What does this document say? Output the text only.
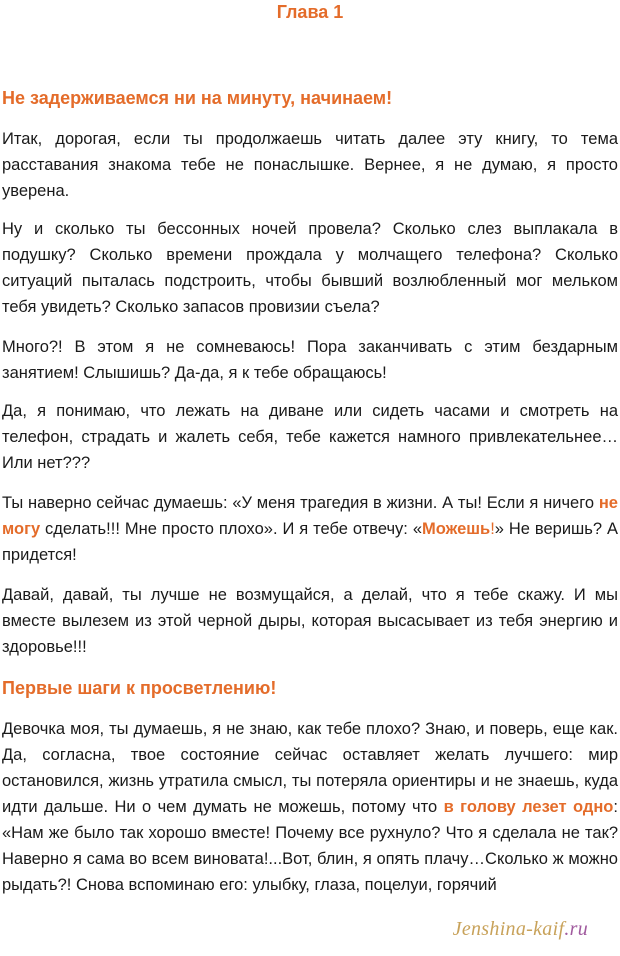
Глава 1
Не задерживаемся ни на минуту, начинаем!
Итак, дорогая, если ты продолжаешь читать далее эту книгу, то тема расставания знакома тебе не понаслышке. Вернее, я не думаю, я просто уверена.
Ну и сколько ты бессонных ночей провела? Сколько слез выплакала в подушку? Сколько времени прождала у молчащего телефона? Сколько ситуаций пыталась подстроить, чтобы бывший возлюбленный мог мельком тебя увидеть? Сколько запасов провизии съела?
Много?! В этом я не сомневаюсь! Пора заканчивать с этим бездарным занятием! Слышишь? Да-да, я к тебе обращаюсь!
Да, я понимаю, что лежать на диване или сидеть часами и смотреть на телефон, страдать и жалеть себя, тебе кажется намного привлекательнее…Или нет???
Ты наверно сейчас думаешь: «У меня трагедия в жизни. А ты! Если я ничего не могу сделать!!! Мне просто плохо». И я тебе отвечу: «Можешь!» Не веришь? А придется!
Давай, давай, ты лучше не возмущайся, а делай, что я тебе скажу. И мы вместе вылезем из этой черной дыры, которая высасывает из тебя энергию и здоровье!!!
Первые шаги к просветлению!
Девочка моя, ты думаешь, я не знаю, как тебе плохо? Знаю, и поверь, еще как. Да, согласна, твое состояние сейчас оставляет желать лучшего: мир остановился, жизнь утратила смысл, ты потеряла ориентиры и не знаешь, куда идти дальше. Ни о чем думать не можешь, потому что в голову лезет одно: «Нам же было так хорошо вместе! Почему все рухнуло? Что я сделала не так? Наверно я сама во всем виновата!...Вот, блин, я опять плачу…Сколько ж можно рыдать?! Снова вспоминаю его: улыбку, глаза, поцелуи, горячий
Jenshina-kaif.ru
